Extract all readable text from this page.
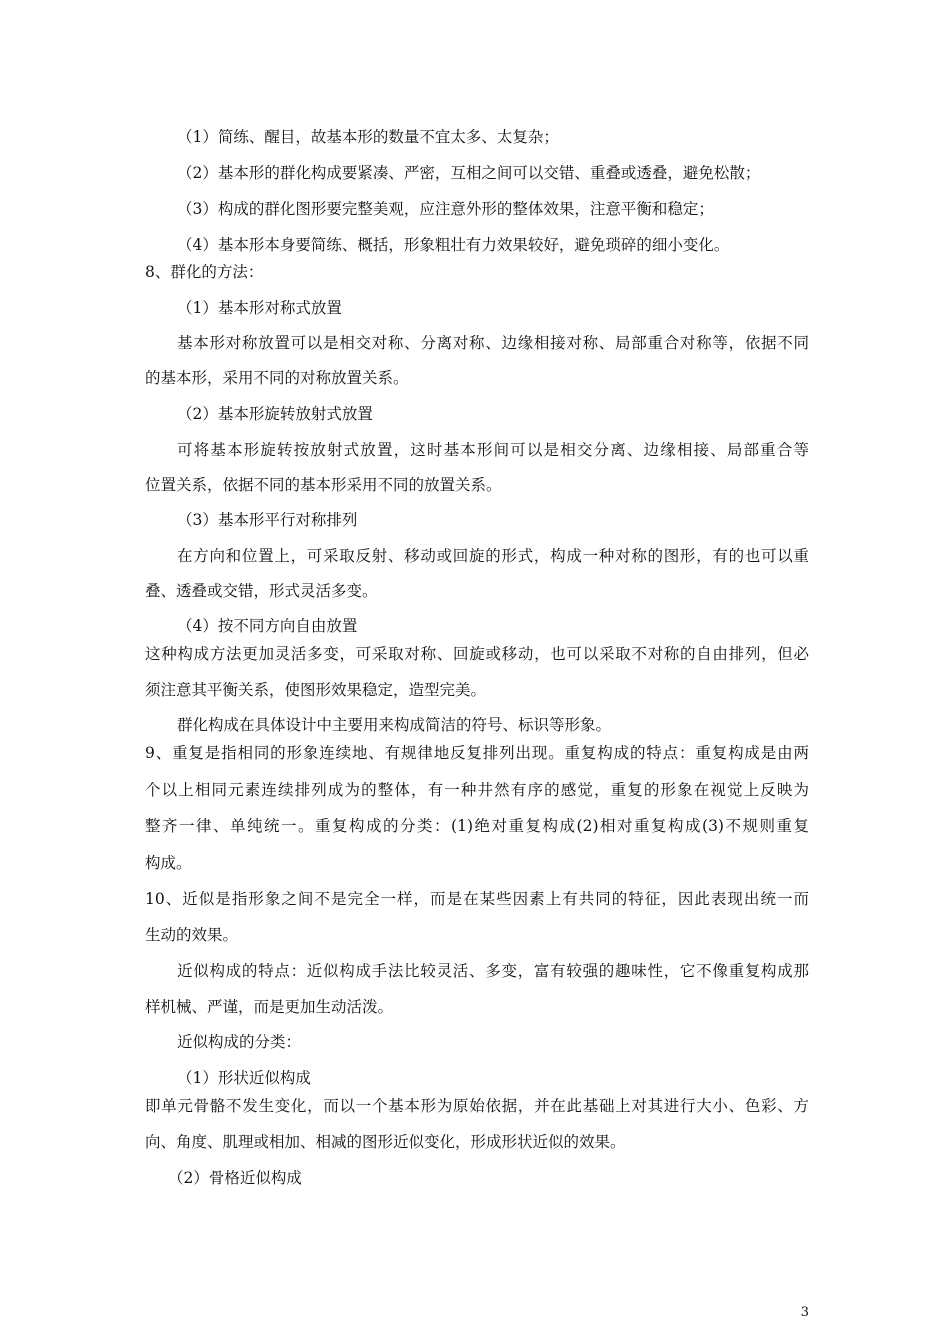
（1）简练、醒目，故基本形的数量不宜太多、太复杂；
（2）基本形的群化构成要紧凑、严密，互相之间可以交错、重叠或透叠，避免松散；
（3）构成的群化图形要完整美观，应注意外形的整体效果，注意平衡和稳定；
（4）基本形本身要简练、概括，形象粗壮有力效果较好，避免琐碎的细小变化。
8、群化的方法：
（1）基本形对称式放置
基本形对称放置可以是相交对称、分离对称、边缘相接对称、局部重合对称等，依据不同
的基本形，采用不同的对称放置关系。
（2）基本形旋转放射式放置
可将基本形旋转按放射式放置，这时基本形间可以是相交分离、边缘相接、局部重合等
位置关系，依据不同的基本形采用不同的放置关系。
（3）基本形平行对称排列
在方向和位置上，可采取反射、移动或回旋的形式，构成一种对称的图形，有的也可以重
叠、透叠或交错，形式灵活多变。
（4）按不同方向自由放置
这种构成方法更加灵活多变，可采取对称、回旋或移动，也可以采取不对称的自由排列，但必
须注意其平衡关系，使图形效果稳定，造型完美。
群化构成在具体设计中主要用来构成简洁的符号、标识等形象。
9、重复是指相同的形象连续地、有规律地反复排列出现。重复构成的特点：重复构成是由两
个以上相同元素连续排列成为的整体，有一种井然有序的感觉，重复的形象在视觉上反映为
整齐一律、单纯统一。重复构成的分类：(1)绝对重复构成(2)相对重复构成(3)不规则重复
构成。
10、近似是指形象之间不是完全一样，而是在某些因素上有共同的特征，因此表现出统一而
生动的效果。
近似构成的特点：近似构成手法比较灵活、多变，富有较强的趣味性，它不像重复构成那
样机械、严谨，而是更加生动活泼。
近似构成的分类：
（1）形状近似构成
即单元骨骼不发生变化，而以一个基本形为原始依据，并在此基础上对其进行大小、色彩、方
向、角度、肌理或相加、相减的图形近似变化，形成形状近似的效果。
（2）骨格近似构成
3
